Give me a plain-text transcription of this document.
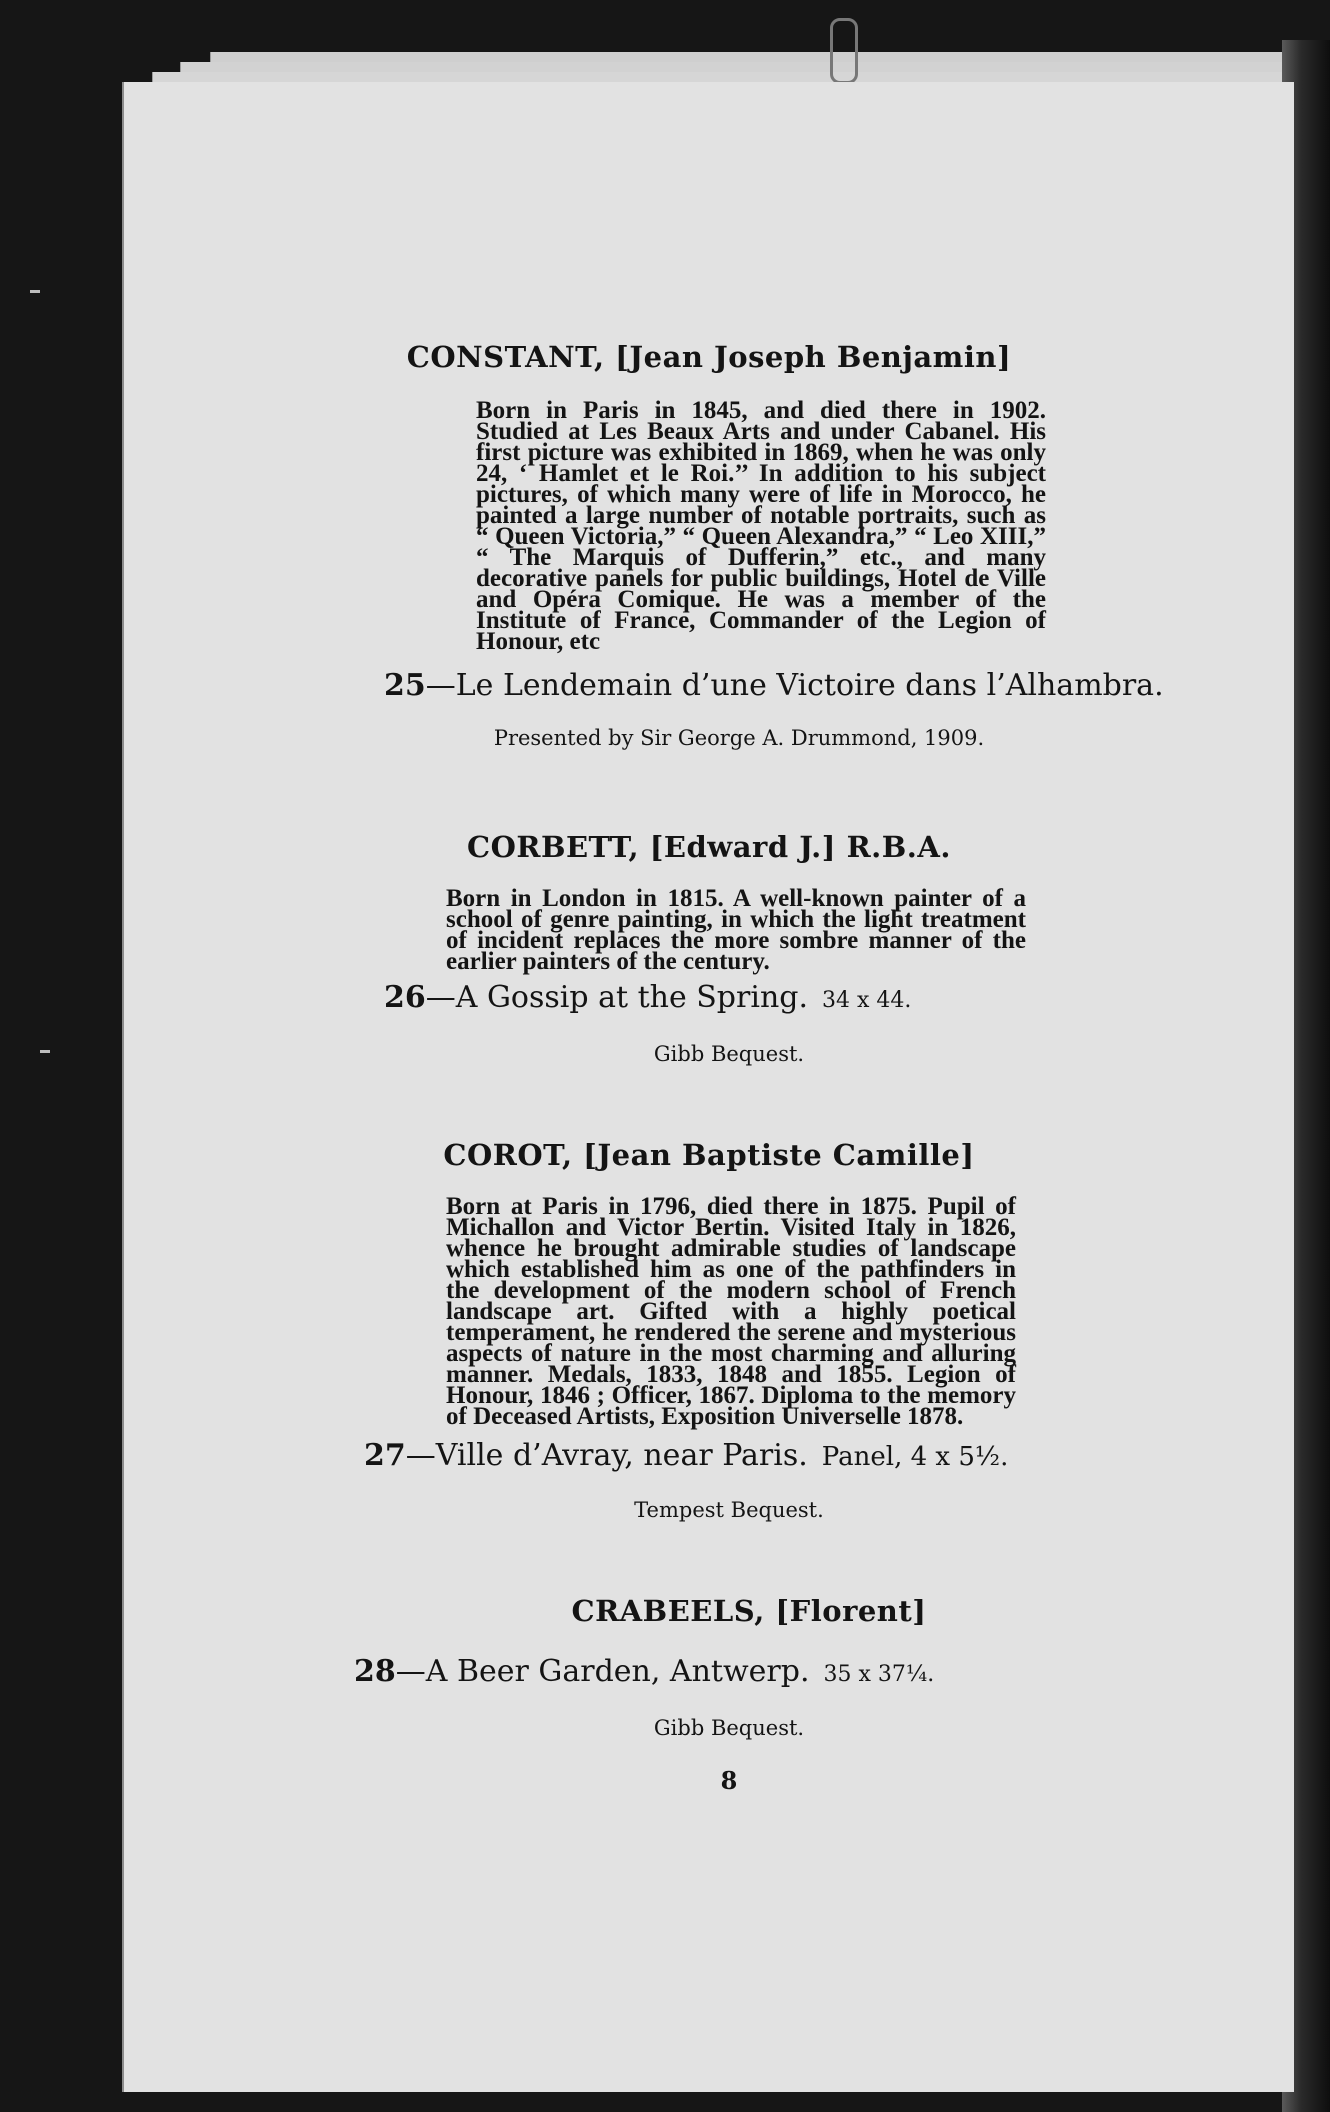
CONSTANT, [Jean Joseph Benjamin]

Born in Paris in 1845, and died there in 1902. Studied at Les Beaux Arts and under Cabanel. His first picture was exhibited in 1869, when he was only 24, ‘ Hamlet et le Roi.’’ In addition to his subject pictures, of which many were of life in Morocco, he painted a large number of notable portraits, such as “ Queen Victoria,” “ Queen Alexandra,” “ Leo XIII,” “ The Marquis of Dufferin,” etc., and many decorative panels for public buildings, Hotel de Ville and Opéra Comique. He was a member of the Institute of France, Commander of the Legion of Honour, etc

25—Le Lendemain d’une Victoire dans l’Alhambra.

Presented by Sir George A. Drummond, 1909.

CORBETT, [Edward J.] R.B.A.

Born in London in 1815. A well-known painter of a school of genre painting, in which the light treatment of incident replaces the more sombre manner of the earlier painters of the century.

26—A Gossip at the Spring. 34 x 44.

Gibb Bequest.

COROT, [Jean Baptiste Camille]

Born at Paris in 1796, died there in 1875. Pupil of Michallon and Victor Bertin. Visited Italy in 1826, whence he brought admirable studies of landscape which established him as one of the pathfinders in the development of the modern school of French landscape art. Gifted with a highly poetical temperament, he rendered the serene and mysterious aspects of nature in the most charming and alluring manner. Medals, 1833, 1848 and 1855. Legion of Honour, 1846 ; Officer, 1867. Diploma to the memory of Deceased Artists, Exposition Universelle 1878.

27—Ville d’Avray, near Paris. Panel, 4 x 5½.

Tempest Bequest.

CRABEELS, [Florent]

28—A Beer Garden, Antwerp. 35 x 37¼.

Gibb Bequest.

8
